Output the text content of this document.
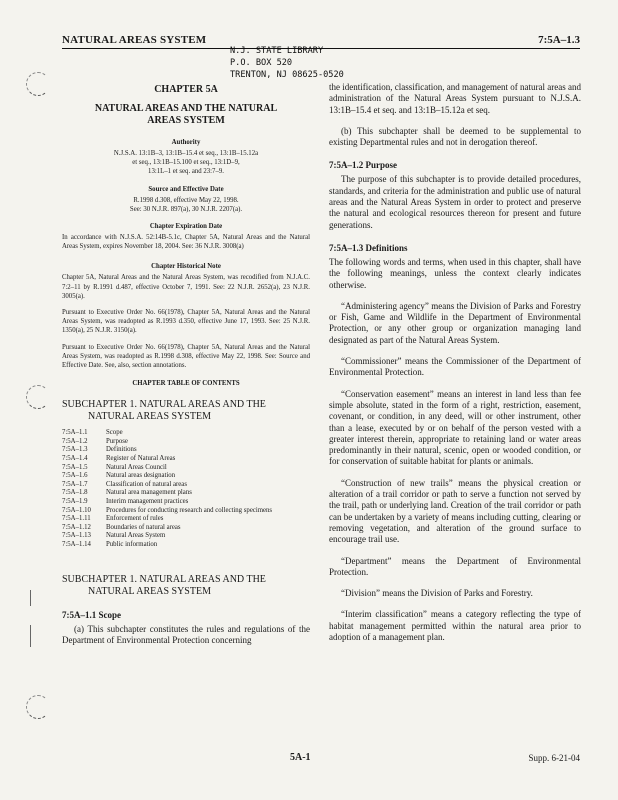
NATURAL AREAS SYSTEM	7:5A–1.3
N.J. STATE LIBRARY
P.O. BOX 520
TRENTON, NJ 08625-0520
CHAPTER 5A
NATURAL AREAS AND THE NATURAL
AREAS SYSTEM
Authority
N.J.S.A. 13:1B–3, 13:1B–15.4 et seq., 13:1B–15.12a
et seq., 13:1B–15.100 et seq., 13:1D–9,
13:1L–1 et seq. and 23:7–9.
Source and Effective Date
R.1998 d.308, effective May 22, 1998.
See: 30 N.J.R. 897(a), 30 N.J.R. 2207(a).
Chapter Expiration Date
In accordance with N.J.S.A. 52:14B-5.1c, Chapter 5A, Natural Areas and the Natural Areas System, expires November 18, 2004. See: 36 N.J.R. 3008(a)
Chapter Historical Note
Chapter 5A, Natural Areas and the Natural Areas System, was recodified from N.J.A.C. 7:2–11 by R.1991 d.487, effective October 7, 1991. See: 22 N.J.R. 2652(a), 23 N.J.R. 3005(a).
Pursuant to Executive Order No. 66(1978), Chapter 5A, Natural Areas and the Natural Areas System, was readopted as R.1993 d.350, effective June 17, 1993. See: 25 N.J.R. 1350(a), 25 N.J.R. 3150(a).
Pursuant to Executive Order No. 66(1978), Chapter 5A, Natural Areas and the Natural Areas System, was readopted as R.1998 d.308, effective May 22, 1998. See: Source and Effective Date. See, also, section annotations.
CHAPTER TABLE OF CONTENTS
SUBCHAPTER 1. NATURAL AREAS AND THE
NATURAL AREAS SYSTEM
7:5A–1.1	Scope
7:5A–1.2	Purpose
7:5A–1.3	Definitions
7:5A–1.4	Register of Natural Areas
7:5A–1.5	Natural Areas Council
7:5A–1.6	Natural areas designation
7:5A–1.7	Classification of natural areas
7:5A–1.8	Natural area management plans
7:5A–1.9	Interim management practices
7:5A–1.10	Procedures for conducting research and collecting specimens
7:5A–1.11	Enforcement of rules
7:5A–1.12	Boundaries of natural areas
7:5A–1.13	Natural Areas System
7:5A–1.14	Public information
SUBCHAPTER 1. NATURAL AREAS AND THE
NATURAL AREAS SYSTEM
7:5A–1.1 Scope
(a) This subchapter constitutes the rules and regulations of the Department of Environmental Protection concerning
the identification, classification, and management of natural areas and administration of the Natural Areas System pursuant to N.J.S.A. 13:1B–15.4 et seq. and 13:1B–15.12a et seq.
(b) This subchapter shall be deemed to be supplemental to existing Departmental rules and not in derogation thereof.
7:5A–1.2 Purpose
The purpose of this subchapter is to provide detailed procedures, standards, and criteria for the administration and public use of natural areas and the Natural Areas System in order to protect and preserve the natural and ecological resources thereon for present and future generations.
7:5A–1.3 Definitions
The following words and terms, when used in this chapter, shall have the following meanings, unless the context clearly indicates otherwise.
“Administering agency” means the Division of Parks and Forestry or Fish, Game and Wildlife in the Department of Environmental Protection, or any other group or organization managing land designated as part of the Natural Areas System.
“Commissioner” means the Commissioner of the Department of Environmental Protection.
“Conservation easement” means an interest in land less than fee simple absolute, stated in the form of a right, restriction, easement, covenant, or condition, in any deed, will or other instrument, other than a lease, executed by or on behalf of the person vested with a greater interest therein, appropriate to retaining land or water areas predominantly in their natural, scenic, open or wooded condition, or for conservation of suitable habitat for plants or animals.
“Construction of new trails” means the physical creation or alteration of a trail corridor or path to serve a function not served by the trail, path or underlying land. Creation of the trail corridor or path can be undertaken by a variety of means including cutting, clearing or removing vegetation, and alteration of the ground surface to encourage trail use.
“Department” means the Department of Environmental Protection.
“Division” means the Division of Parks and Forestry.
“Interim classification” means a category reflecting the type of habitat management permitted within the natural area prior to adoption of a management plan.
5A-1	Supp. 6-21-04
